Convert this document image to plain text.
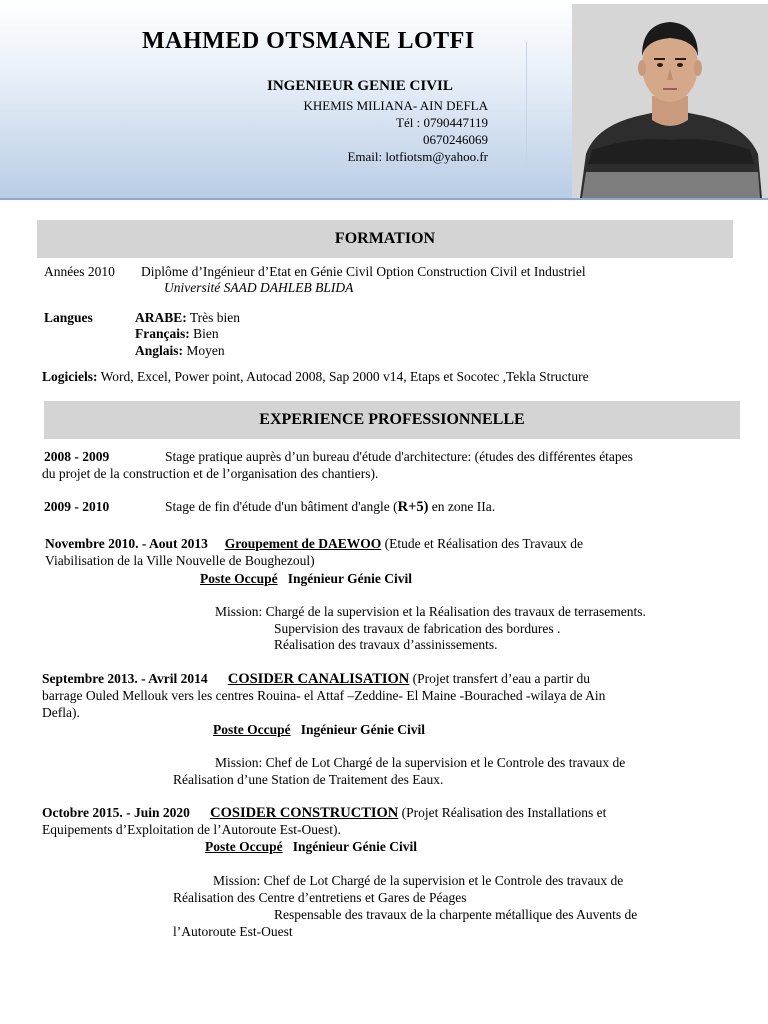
MAHMED OTSMANE LOTFI
INGENIEUR GENIE CIVIL
KHEMIS MILIANA- AIN DEFLA
Tél : 0790447119
0670246069
Email: lotfiotsm@yahoo.fr
FORMATION
Années 2010 Diplôme d’Ingénieur d’Etat en Génie Civil Option Construction Civil et Industriel
Université SAAD DAHLEB BLIDA
Langues	ARABE: Très bien
Français: Bien
Anglais: Moyen
Logiciels: Word, Excel, Power point, Autocad 2008, Sap 2000 v14, Etaps et Socotec ,Tekla Structure
EXPERIENCE PROFESSIONNELLE
2008 - 2009	Stage pratique auprès d’un bureau d'étude d'architecture: (études des différentes étapes
du projet de la construction et de l’organisation des chantiers).
2009 - 2010	Stage de fin d'étude d'un bâtiment d'angle (R+5) en zone IIa.
Novembre 2010. - Aout 2013 Groupement de DAEWOO (Etude et Réalisation des Travaux de
Viabilisation de la Ville Nouvelle de Boughezoul)
Poste Occupé Ingénieur Génie Civil
Mission: Chargé de la supervision et la Réalisation des travaux de terrasements.
Supervision des travaux de fabrication des bordures .
Réalisation des travaux d’assinissements.
Septembre 2013. - Avril 2014 COSIDER CANALISATION (Projet transfert d’eau a partir du
barrage Ouled Mellouk vers les centres Rouina- el Attaf –Zeddine- El Maine -Bourached -wilaya de Ain
Defla).
Poste Occupé Ingénieur Génie Civil
Mission: Chef de Lot Chargé de la supervision et le Controle des travaux de
Réalisation d’une Station de Traitement des Eaux.
Octobre 2015. - Juin 2020 COSIDER CONSTRUCTION (Projet Réalisation des Installations et
Equipements d’Exploitation de l’Autoroute Est-Ouest).
Poste Occupé Ingénieur Génie Civil
Mission: Chef de Lot Chargé de la supervision et le Controle des travaux de
Réalisation des Centre d’entretiens et Gares de Péages
Respensable des travaux de la charpente métallique des Auvents de
l’Autoroute Est-Ouest
